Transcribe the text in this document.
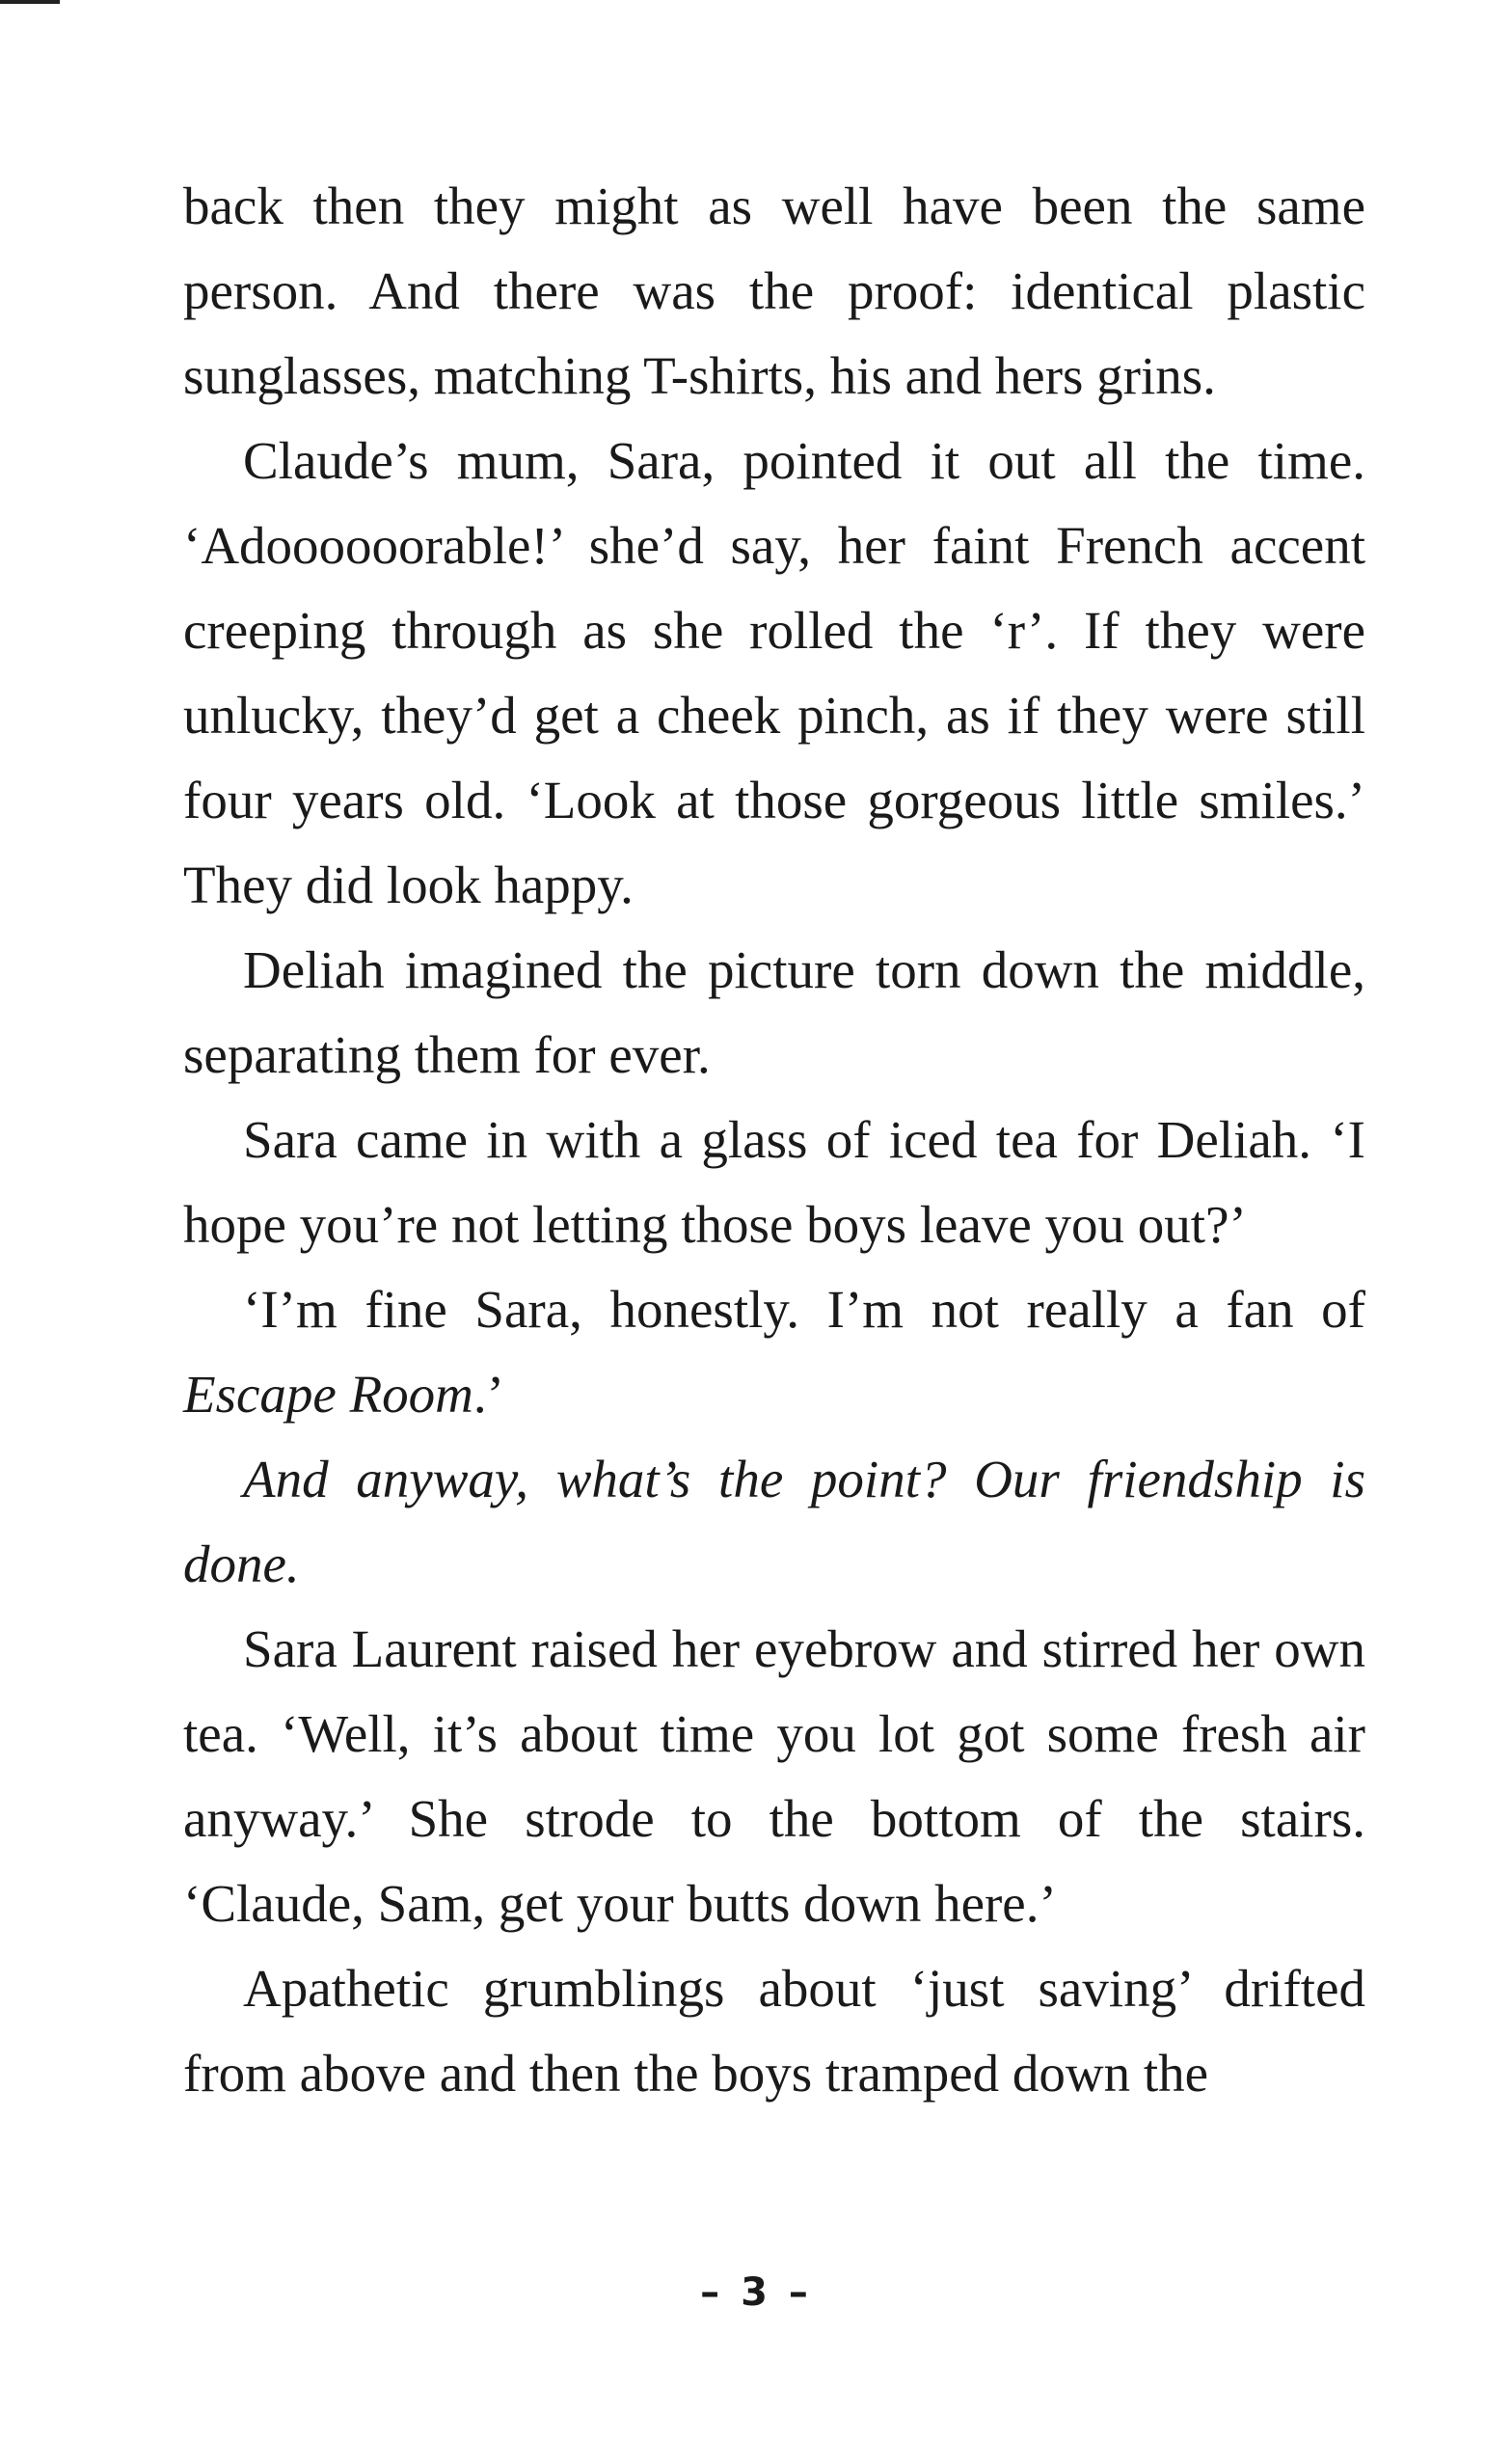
back then they might as well have been the same person. And there was the proof: identical plastic sunglasses, matching T-shirts, his and hers grins.

Claude’s mum, Sara, pointed it out all the time. ‘Adoooooorable!’ she’d say, her faint French accent creeping through as she rolled the ‘r’. If they were unlucky, they’d get a cheek pinch, as if they were still four years old. ‘Look at those gorgeous little smiles.’ They did look happy.

Deliah imagined the picture torn down the middle, separating them for ever.

Sara came in with a glass of iced tea for Deliah. ‘I hope you’re not letting those boys leave you out?’

‘I’m fine Sara, honestly. I’m not really a fan of Escape Room.’

And anyway, what’s the point? Our friendship is done.

Sara Laurent raised her eyebrow and stirred her own tea. ‘Well, it’s about time you lot got some fresh air anyway.’ She strode to the bottom of the stairs. ‘Claude, Sam, get your butts down here.’

Apathetic grumblings about ‘just saving’ drifted from above and then the boys tramped down the

– 3 –
